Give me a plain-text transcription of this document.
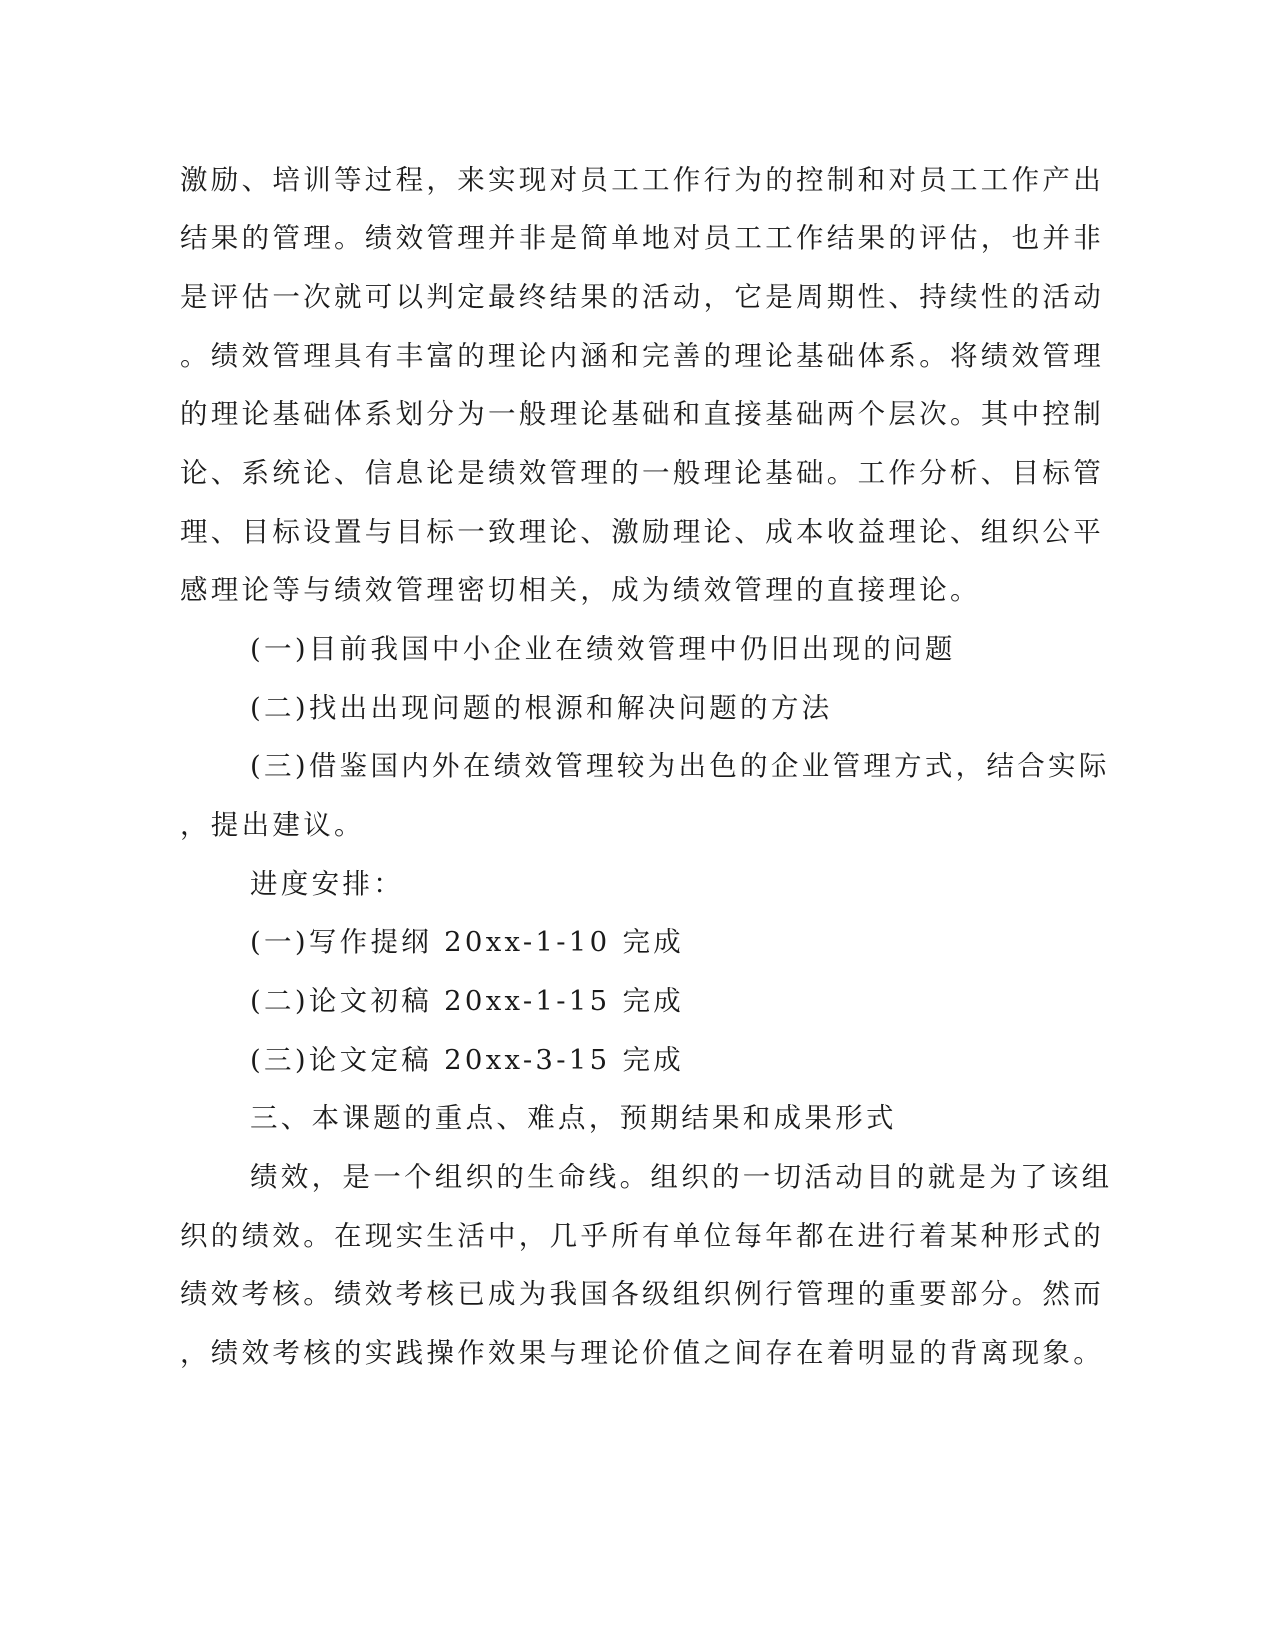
激励、培训等过程，来实现对员工工作行为的控制和对员工工作产出
结果的管理。绩效管理并非是简单地对员工工作结果的评估，也并非
是评估一次就可以判定最终结果的活动，它是周期性、持续性的活动
。绩效管理具有丰富的理论内涵和完善的理论基础体系。将绩效管理
的理论基础体系划分为一般理论基础和直接基础两个层次。其中控制
论、系统论、信息论是绩效管理的一般理论基础。工作分析、目标管
理、目标设置与目标一致理论、激励理论、成本收益理论、组织公平
感理论等与绩效管理密切相关，成为绩效管理的直接理论。
(一)目前我国中小企业在绩效管理中仍旧出现的问题
(二)找出出现问题的根源和解决问题的方法
(三)借鉴国内外在绩效管理较为出色的企业管理方式，结合实际
，提出建议。
进度安排：
(一)写作提纲 20xx-1-10 完成
(二)论文初稿 20xx-1-15 完成
(三)论文定稿 20xx-3-15 完成
三、本课题的重点、难点，预期结果和成果形式
绩效，是一个组织的生命线。组织的一切活动目的就是为了该组
织的绩效。在现实生活中，几乎所有单位每年都在进行着某种形式的
绩效考核。绩效考核已成为我国各级组织例行管理的重要部分。然而
，绩效考核的实践操作效果与理论价值之间存在着明显的背离现象。
